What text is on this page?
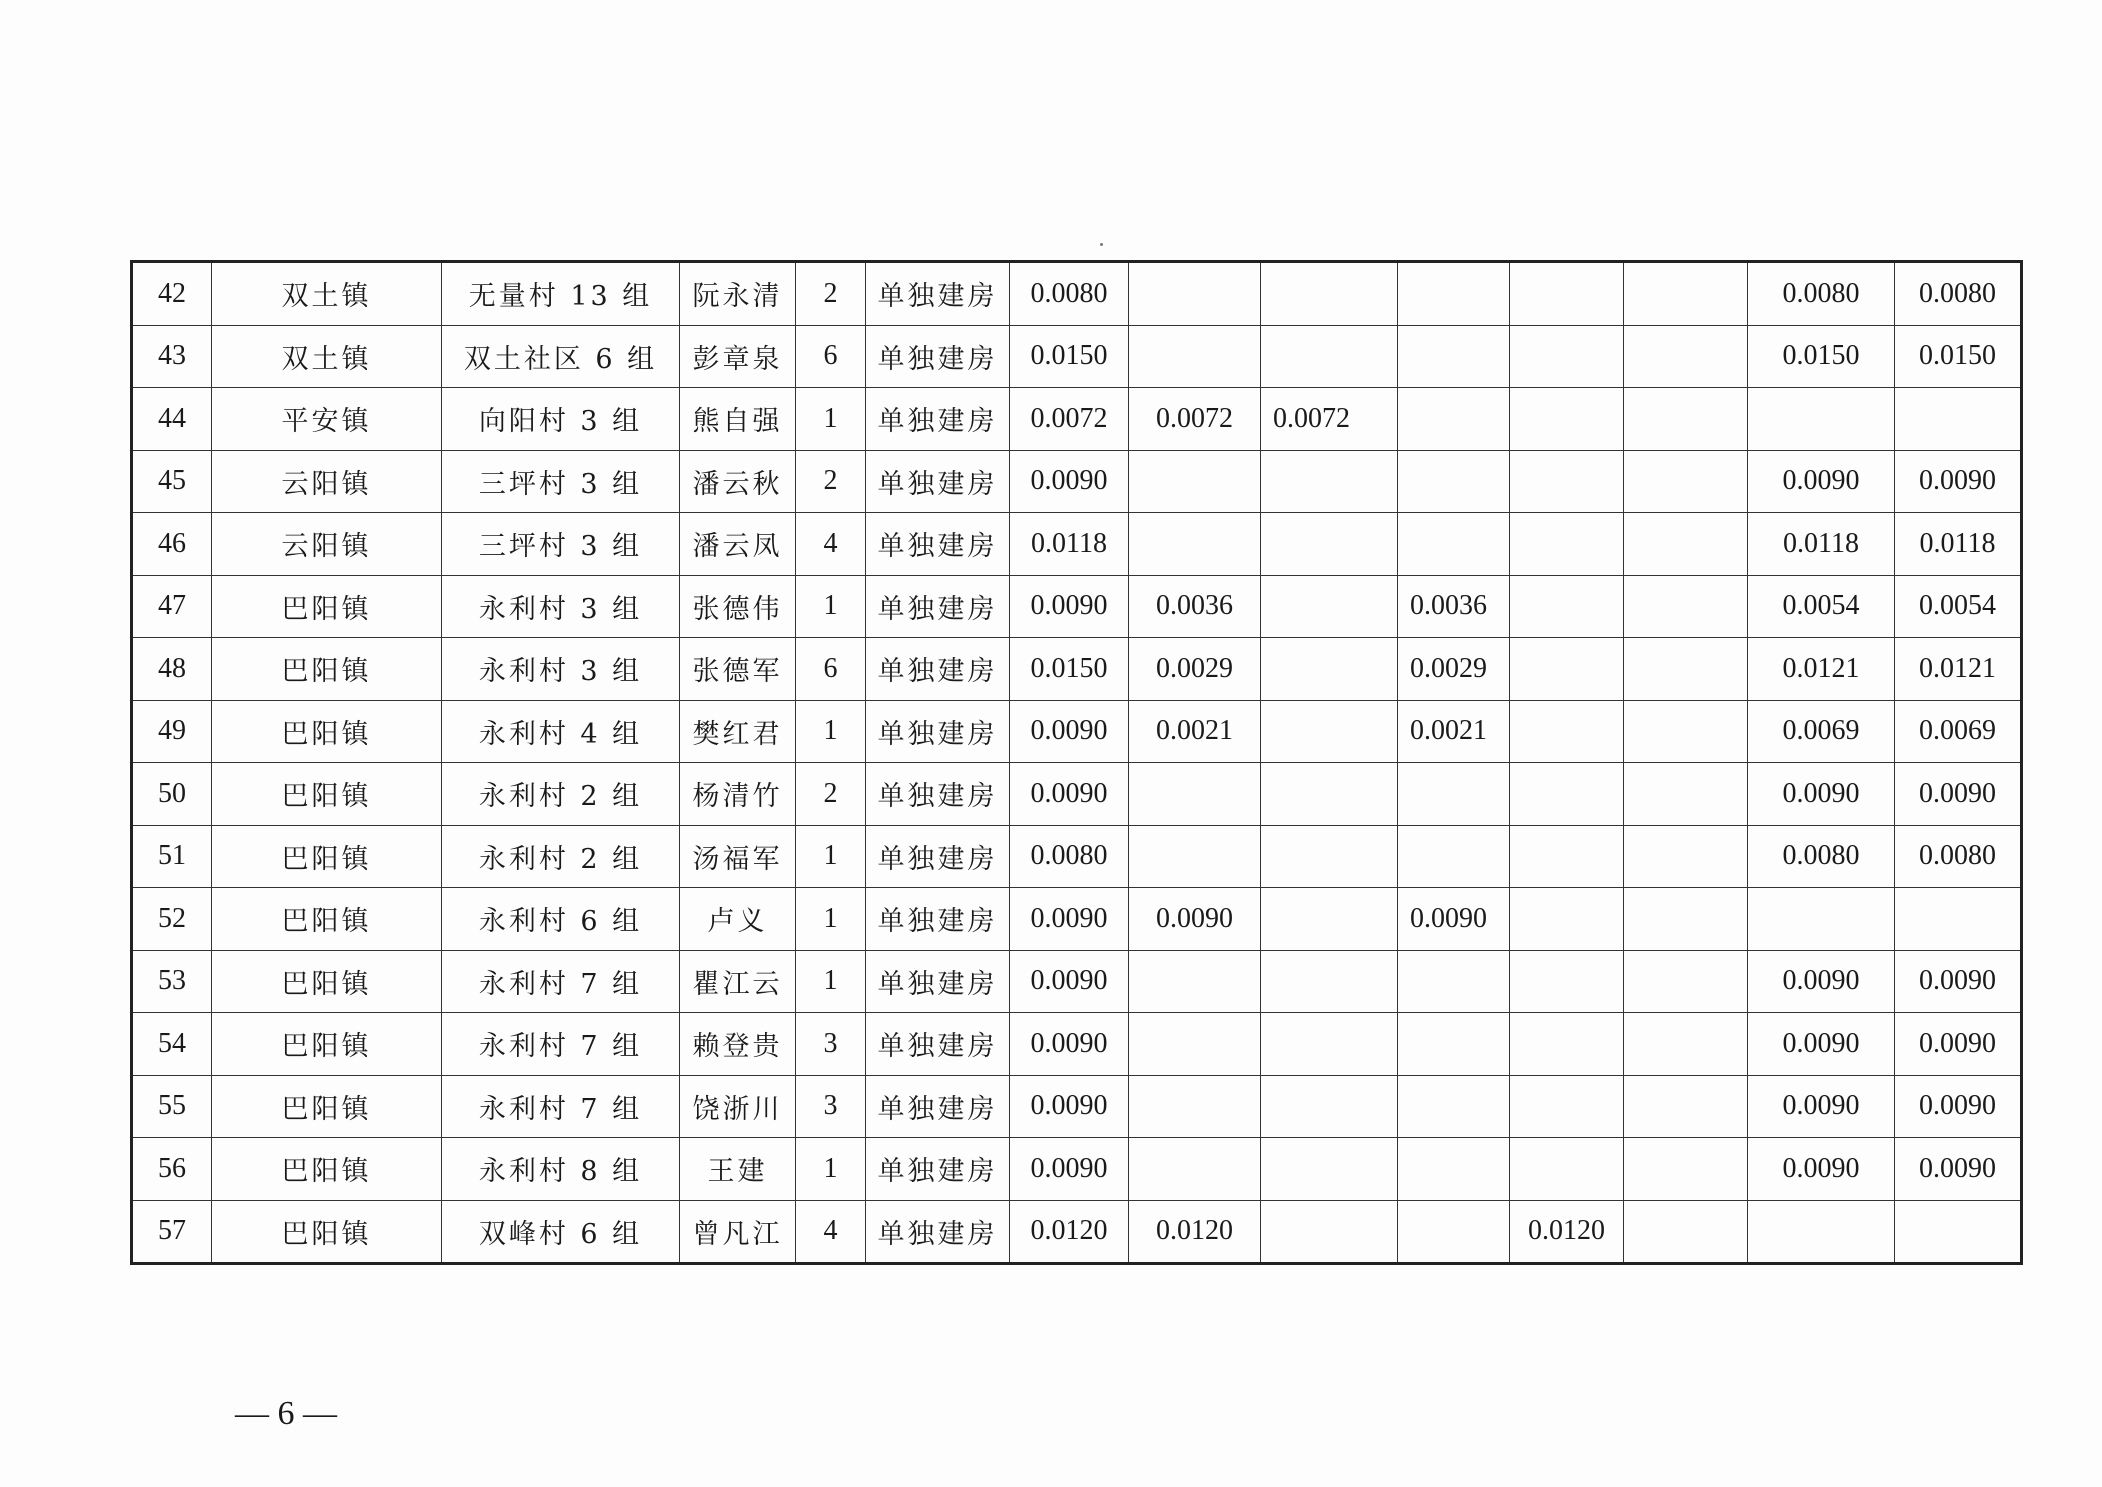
42	双土镇	无量村 13 组	阮永清	2	单独建房	0.0080						0.0080	0.0080
43	双土镇	双土社区 6 组	彭章泉	6	单独建房	0.0150						0.0150	0.0150
44	平安镇	向阳村 3 组	熊自强	1	单独建房	0.0072	0.0072	0.0072					
45	云阳镇	三坪村 3 组	潘云秋	2	单独建房	0.0090						0.0090	0.0090
46	云阳镇	三坪村 3 组	潘云凤	4	单独建房	0.0118						0.0118	0.0118
47	巴阳镇	永利村 3 组	张德伟	1	单独建房	0.0090	0.0036		0.0036			0.0054	0.0054
48	巴阳镇	永利村 3 组	张德军	6	单独建房	0.0150	0.0029		0.0029			0.0121	0.0121
49	巴阳镇	永利村 4 组	樊红君	1	单独建房	0.0090	0.0021		0.0021			0.0069	0.0069
50	巴阳镇	永利村 2 组	杨清竹	2	单独建房	0.0090						0.0090	0.0090
51	巴阳镇	永利村 2 组	汤福军	1	单独建房	0.0080						0.0080	0.0080
52	巴阳镇	永利村 6 组	卢义	1	单独建房	0.0090	0.0090		0.0090				
53	巴阳镇	永利村 7 组	瞿江云	1	单独建房	0.0090						0.0090	0.0090
54	巴阳镇	永利村 7 组	赖登贵	3	单独建房	0.0090						0.0090	0.0090
55	巴阳镇	永利村 7 组	饶浙川	3	单独建房	0.0090						0.0090	0.0090
56	巴阳镇	永利村 8 组	王建	1	单独建房	0.0090						0.0090	0.0090
57	巴阳镇	双峰村 6 组	曾凡江	4	单独建房	0.0120	0.0120			0.0120			
— 6 —
